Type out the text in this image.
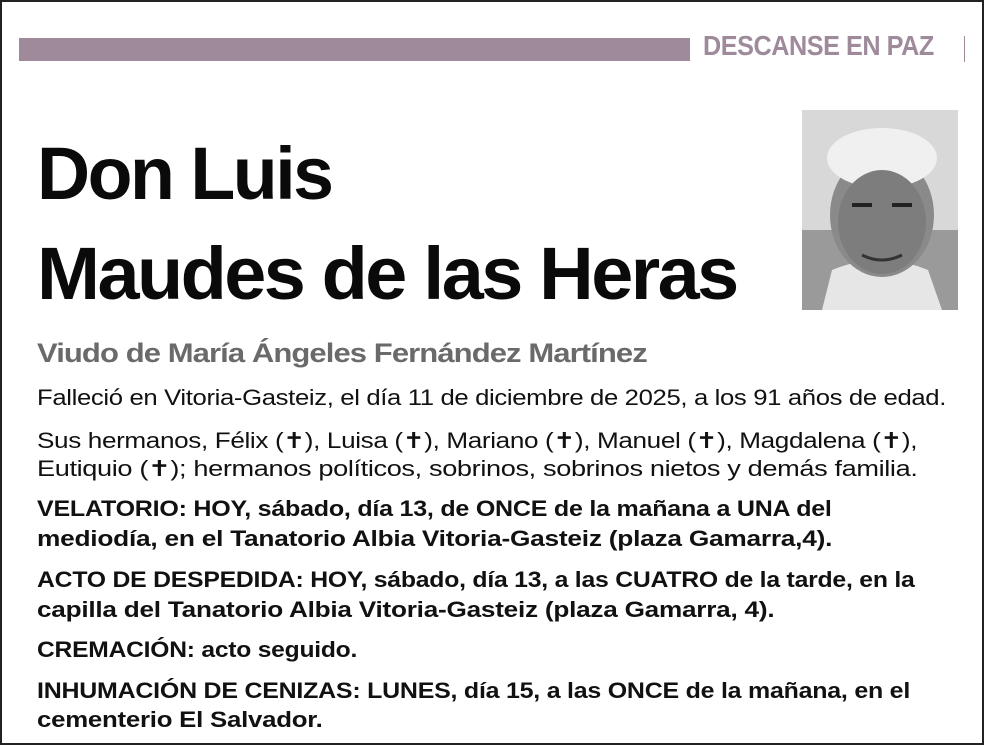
DESCANSE EN PAZ
Don Luis
Maudes de las Heras
Viudo de María Ángeles Fernández Martínez
Falleció en Vitoria-Gasteiz, el día 11 de diciembre de 2025, a los 91 años de edad.
Sus hermanos, Félix (✝), Luisa (✝), Mariano (✝), Manuel (✝), Magdalena (✝),
Eutiquio (✝); hermanos políticos, sobrinos, sobrinos nietos y demás familia.
VELATORIO: HOY, sábado, día 13, de ONCE de la mañana a UNA del
mediodía, en el Tanatorio Albia Vitoria-Gasteiz (plaza Gamarra,4).
ACTO DE DESPEDIDA: HOY, sábado, día 13, a las CUATRO de la tarde, en la
capilla del Tanatorio Albia Vitoria-Gasteiz (plaza Gamarra, 4).
CREMACIÓN: acto seguido.
INHUMACIÓN DE CENIZAS: LUNES, día 15, a las ONCE de la mañana, en el
cementerio El Salvador.
